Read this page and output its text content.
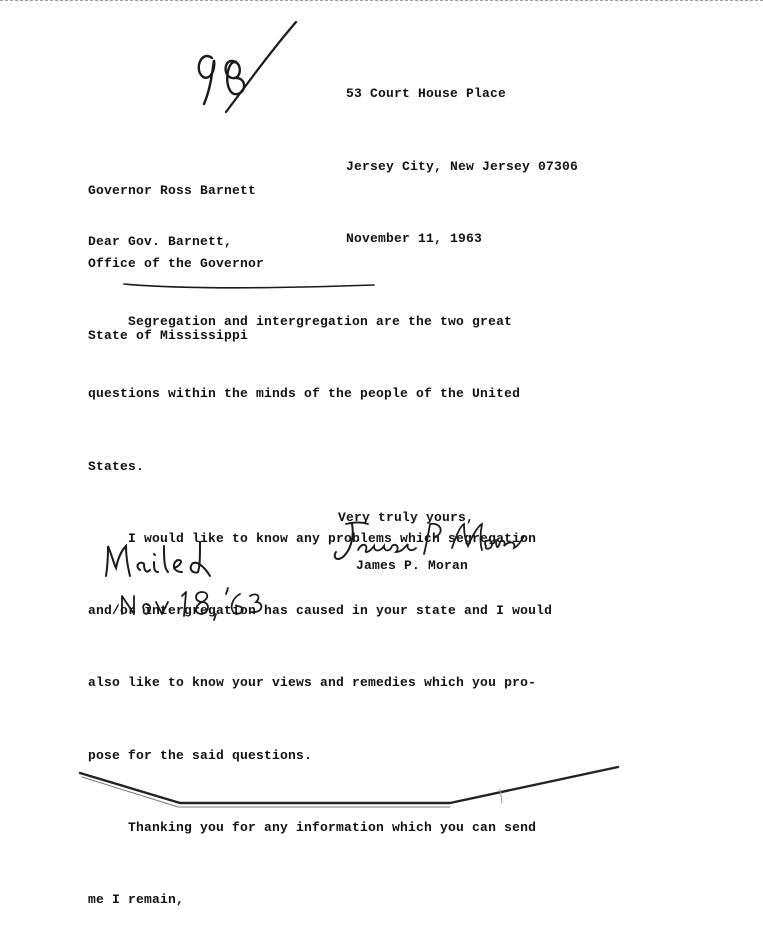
53 Court House Place

Jersey City, New Jersey 07306

November 11, 1963

Governor Ross Barnett

Office of the Governor

State of Mississippi

Dear Gov. Barnett,

Segregation and intergregation are the two great

questions within the minds of the people of the United

States.

I would like to know any problems which segregation

and/or intergregation has caused in your state and I would

also like to know your views and remedies which you pro-

pose for the said questions.

Thanking you for any information which you can send

me I remain,

Very truly yours,
James P. Moran
